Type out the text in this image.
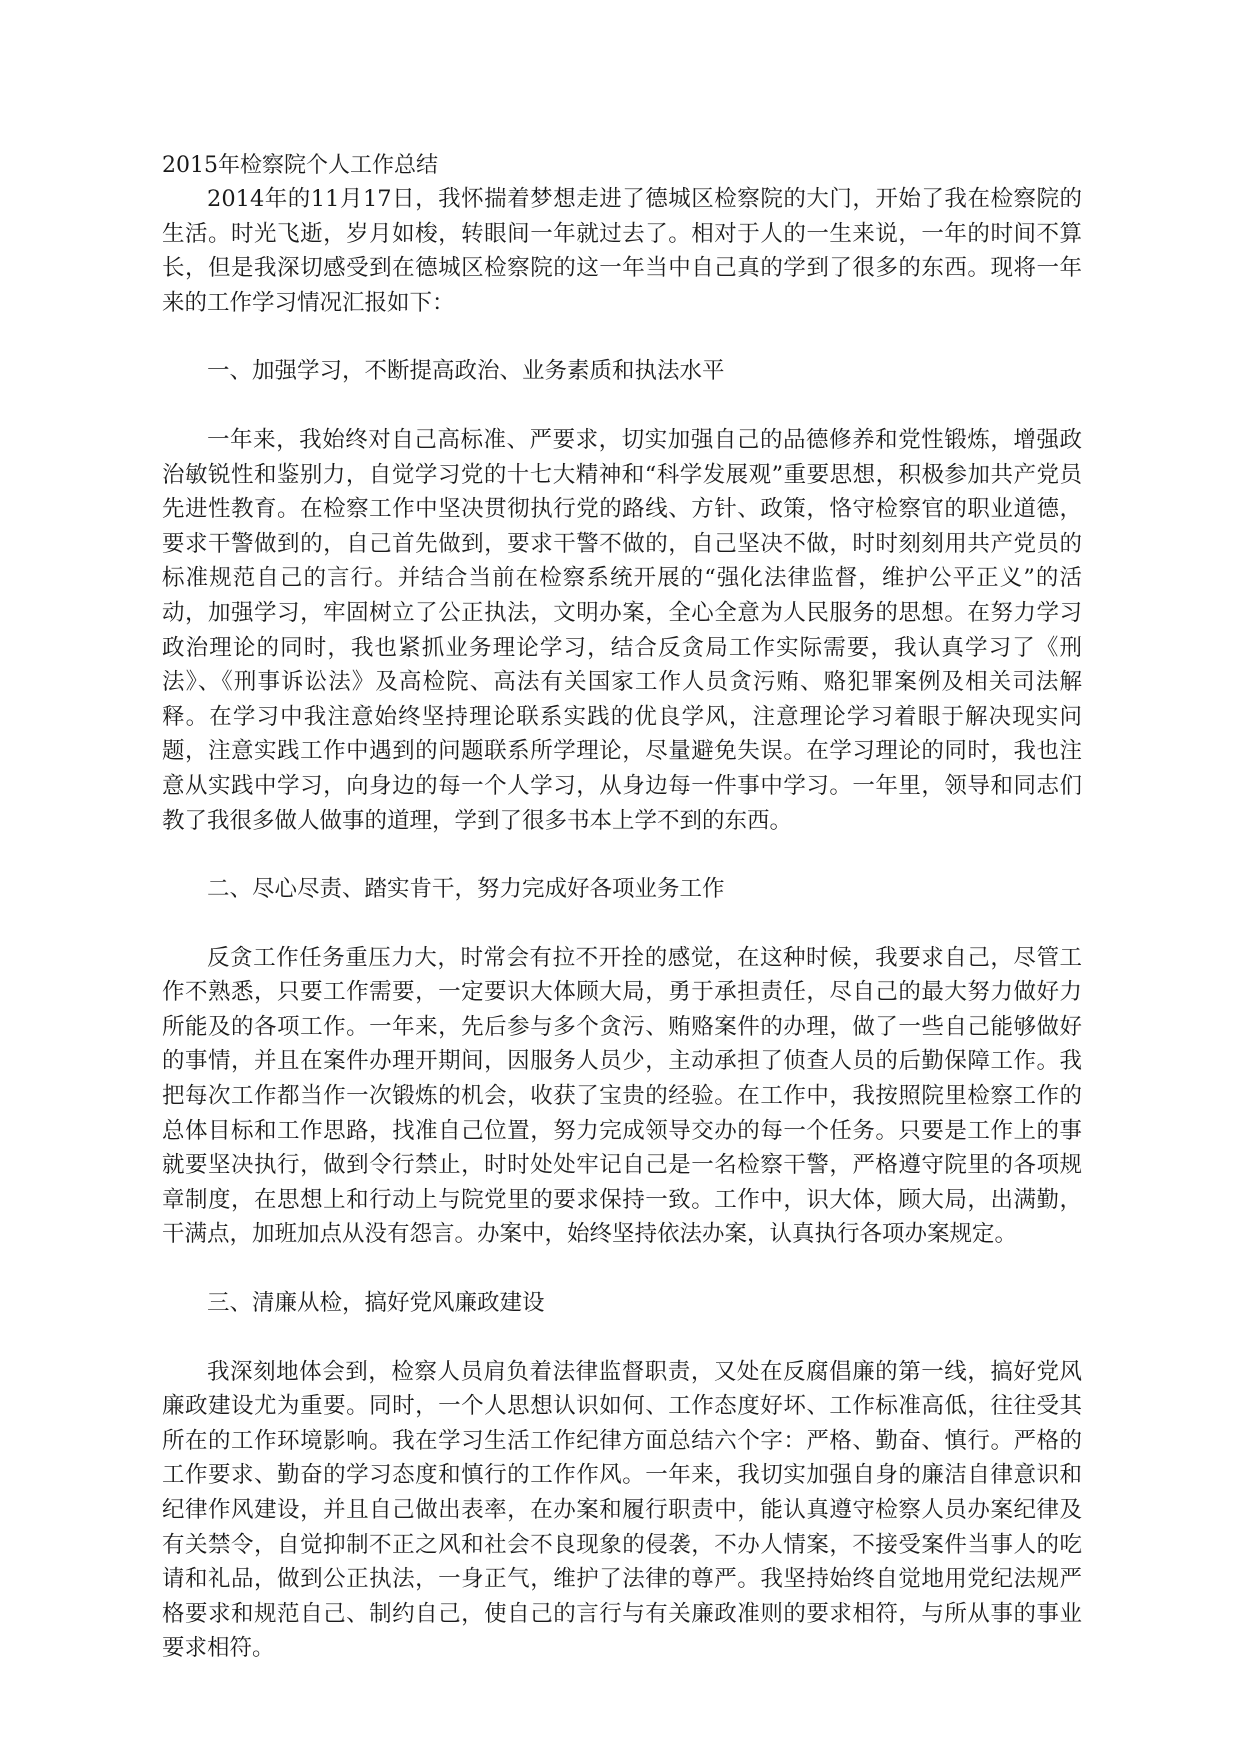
2015年检察院个人工作总结

2014年的11月17日，我怀揣着梦想走进了德城区检察院的大门，开始了我在检察院的生活。时光飞逝，岁月如梭，转眼间一年就过去了。相对于人的一生来说，一年的时间不算长，但是我深切感受到在德城区检察院的这一年当中自己真的学到了很多的东西。现将一年来的工作学习情况汇报如下：

一、加强学习，不断提高政治、业务素质和执法水平

一年来，我始终对自己高标准、严要求，切实加强自己的品德修养和党性锻炼，增强政治敏锐性和鉴别力，自觉学习党的十七大精神和“科学发展观”重要思想，积极参加共产党员先进性教育。在检察工作中坚决贯彻执行党的路线、方针、政策，恪守检察官的职业道德，要求干警做到的，自己首先做到，要求干警不做的，自己坚决不做，时时刻刻用共产党员的标准规范自己的言行。并结合当前在检察系统开展的“强化法律监督，维护公平正义”的活动，加强学习，牢固树立了公正执法，文明办案，全心全意为人民服务的思想。在努力学习政治理论的同时，我也紧抓业务理论学习，结合反贪局工作实际需要，我认真学习了《刑法》、《刑事诉讼法》及高检院、高法有关国家工作人员贪污贿、赂犯罪案例及相关司法解释。在学习中我注意始终坚持理论联系实践的优良学风，注意理论学习着眼于解决现实问题，注意实践工作中遇到的问题联系所学理论，尽量避免失误。在学习理论的同时，我也注意从实践中学习，向身边的每一个人学习，从身边每一件事中学习。一年里，领导和同志们教了我很多做人做事的道理，学到了很多书本上学不到的东西。

二、尽心尽责、踏实肯干，努力完成好各项业务工作

反贪工作任务重压力大，时常会有拉不开拴的感觉，在这种时候，我要求自己，尽管工作不熟悉，只要工作需要，一定要识大体顾大局，勇于承担责任，尽自己的最大努力做好力所能及的各项工作。一年来，先后参与多个贪污、贿赂案件的办理，做了一些自己能够做好的事情，并且在案件办理开期间，因服务人员少，主动承担了侦查人员的后勤保障工作。我把每次工作都当作一次锻炼的机会，收获了宝贵的经验。在工作中，我按照院里检察工作的总体目标和工作思路，找准自己位置，努力完成领导交办的每一个任务。只要是工作上的事就要坚决执行，做到令行禁止，时时处处牢记自己是一名检察干警，严格遵守院里的各项规章制度，在思想上和行动上与院党里的要求保持一致。工作中，识大体，顾大局，出满勤，干满点，加班加点从没有怨言。办案中，始终坚持依法办案，认真执行各项办案规定。

三、清廉从检，搞好党风廉政建设

我深刻地体会到，检察人员肩负着法律监督职责，又处在反腐倡廉的第一线，搞好党风廉政建设尤为重要。同时，一个人思想认识如何、工作态度好坏、工作标准高低，往往受其所在的工作环境影响。我在学习生活工作纪律方面总结六个字：严格、勤奋、慎行。严格的工作要求、勤奋的学习态度和慎行的工作作风。一年来，我切实加强自身的廉洁自律意识和纪律作风建设，并且自己做出表率，在办案和履行职责中，能认真遵守检察人员办案纪律及有关禁令，自觉抑制不正之风和社会不良现象的侵袭，不办人情案，不接受案件当事人的吃请和礼品，做到公正执法，一身正气，维护了法律的尊严。我坚持始终自觉地用党纪法规严格要求和规范自己、制约自己，使自己的言行与有关廉政准则的要求相符，与所从事的事业要求相符。
